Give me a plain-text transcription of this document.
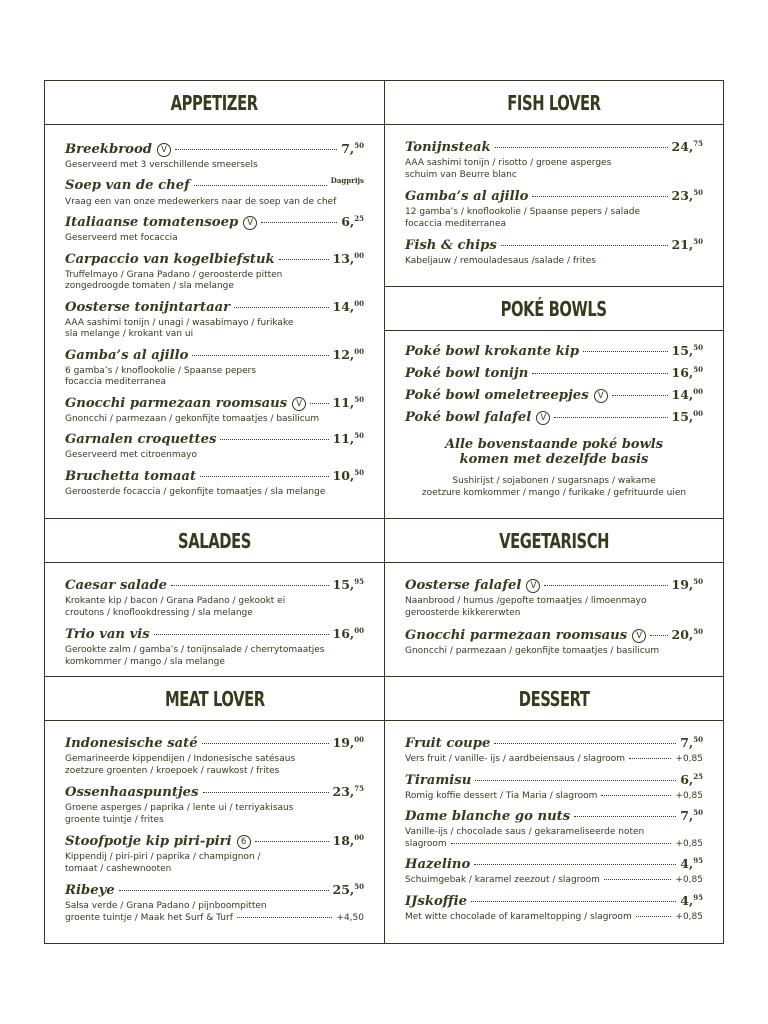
APPETIZER
Breekbrood V	7,50
Geserveerd met 3 verschillende smeersels
Soep van de chef	Dagprijs
Vraag een van onze medewerkers naar de soep van de chef
Italiaanse tomatensoep V	6,25
Geserveerd met focaccia
Carpaccio van kogelbiefstuk	13,00
Truffelmayo / Grana Padano / geroosterde pitten
zongedroogde tomaten / sla melange
Oosterse tonijntartaar	14,00
AAA sashimi tonijn / unagi / wasabimayo / furikake
sla melange / krokant van ui
Gamba’s al ajillo	12,00
6 gamba’s / knoflookolie / Spaanse pepers
focaccia mediterranea
Gnocchi parmezaan roomsaus V	11,50
Gnoncchi / parmezaan / gekonfijte tomaatjes / basilicum
Garnalen croquettes	11,50
Geserveerd met citroenmayo
Bruchetta tomaat	10,50
Geroosterde focaccia / gekonfijte tomaatjes / sla melange
FISH LOVER
Tonijnsteak	24,75
AAA sashimi tonijn / risotto / groene asperges
schuim van Beurre blanc
Gamba’s al ajillo	23,50
12 gamba’s / knoflookolie / Spaanse pepers / salade
focaccia mediterranea
Fish & chips	21,50
Kabeljauw / remouladesaus /salade / frites
POKÉ BOWLS
Poké bowl krokante kip	15,50
Poké bowl tonijn	16,50
Poké bowl omeletreepjes V	14,00
Poké bowl falafel V	15,00
Alle bovenstaande poké bowls
komen met dezelfde basis
Sushirijst / sojabonen / sugarsnaps / wakame
zoetzure komkommer / mango / furikake / gefrituurde uien
SALADES
Caesar salade	15,95
Krokante kip / bacon / Grana Padano / gekookt ei
croutons / knoflookdressing / sla melange
Trio van vis	16,00
Gerookte zalm / gamba’s / tonijnsalade / cherrytomaatjes
komkommer / mango / sla melange
VEGETARISCH
Oosterse falafel V	19,50
Naanbrood / humus /gepofte tomaatjes / limoenmayo
geroosterde kikkererwten
Gnocchi parmezaan roomsaus V	20,50
Gnoncchi / parmezaan / gekonfijte tomaatjes / basilicum
MEAT LOVER
Indonesische saté	19,00
Gemarineerde kippendijen / Indonesische satésaus
zoetzure groenten / kroepoek / rauwkost / frites
Ossenhaaspuntjes	23,75
Groene asperges / paprika / lente ui / terriyakisaus
groente tuintje / frites
Stoofpotje kip piri-piri 6	18,00
Kippendij / piri-piri / paprika / champignon /
tomaat / cashewnooten
Ribeye	25,50
Salsa verde / Grana Padano / pijnboompitten
groente tuintje / Maak het Surf & Turf	+4,50
DESSERT
Fruit coupe	7,50
Vers fruit / vanille- ijs / aardbeiensaus / slagroom	+0,85
Tiramisu	6,25
Romig koffie dessert / Tia Maria / slagroom	+0,85
Dame blanche go nuts	7,50
Vanille-ijs / chocolade saus / gekarameliseerde noten
slagroom	+0,85
Hazelino	4,95
Schuimgebak / karamel zeezout / slagroom	+0,85
IJskoffie	4,95
Met witte chocolade of karameltopping / slagroom	+0,85
